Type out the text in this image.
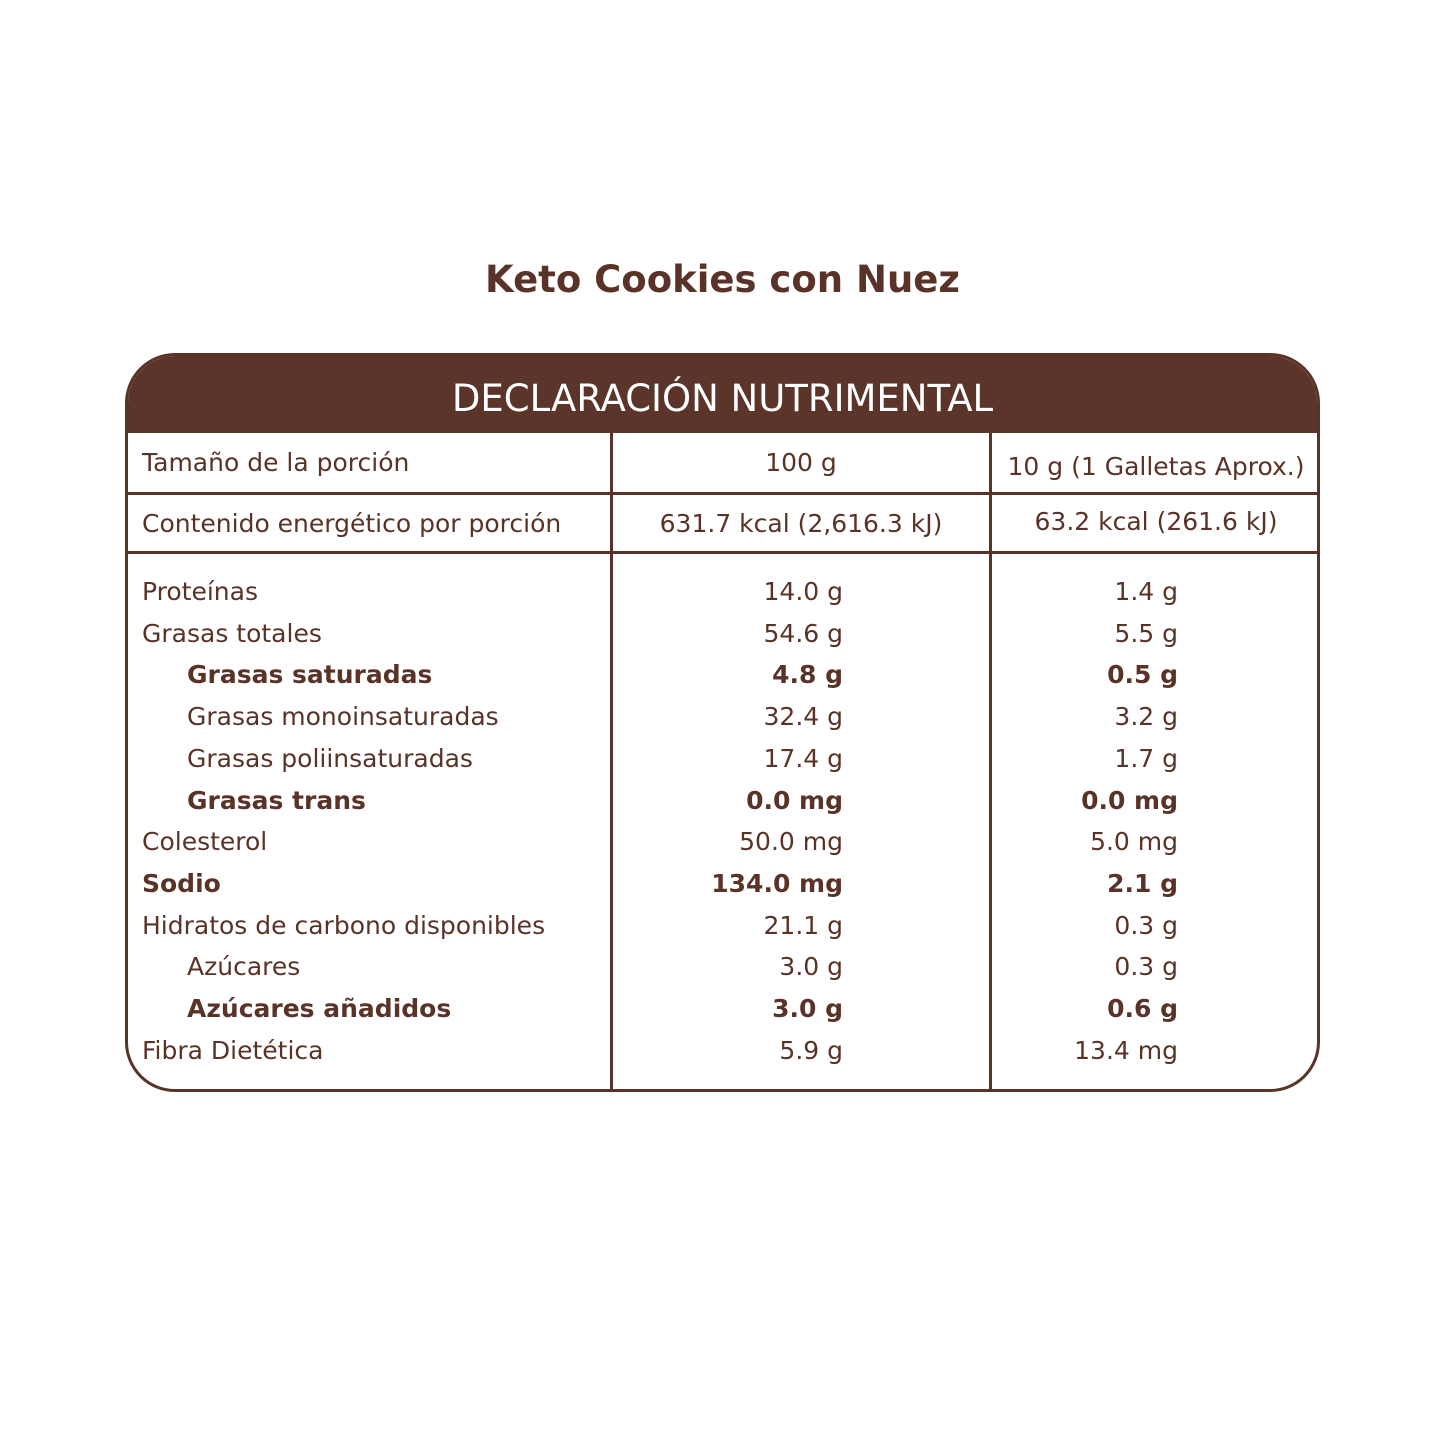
Keto Cookies con Nuez
DECLARACIÓN NUTRIMENTAL
Tamaño de la porción	100 g	10 g (1 Galletas Aprox.)
Contenido energético por porción	631.7 kcal (2,616.3 kJ)	63.2 kcal (261.6 kJ)
Proteínas	14.0 g	1.4 g
Grasas totales	54.6 g	5.5 g
Grasas saturadas	4.8 g	0.5 g
Grasas monoinsaturadas	32.4 g	3.2 g
Grasas poliinsaturadas	17.4 g	1.7 g
Grasas trans	0.0 mg	0.0 mg
Colesterol	50.0 mg	5.0 mg
Sodio	134.0 mg	2.1 g
Hidratos de carbono disponibles	21.1 g	0.3 g
Azúcares	3.0 g	0.3 g
Azúcares añadidos	3.0 g	0.6 g
Fibra Dietética	5.9 g	13.4 mg
